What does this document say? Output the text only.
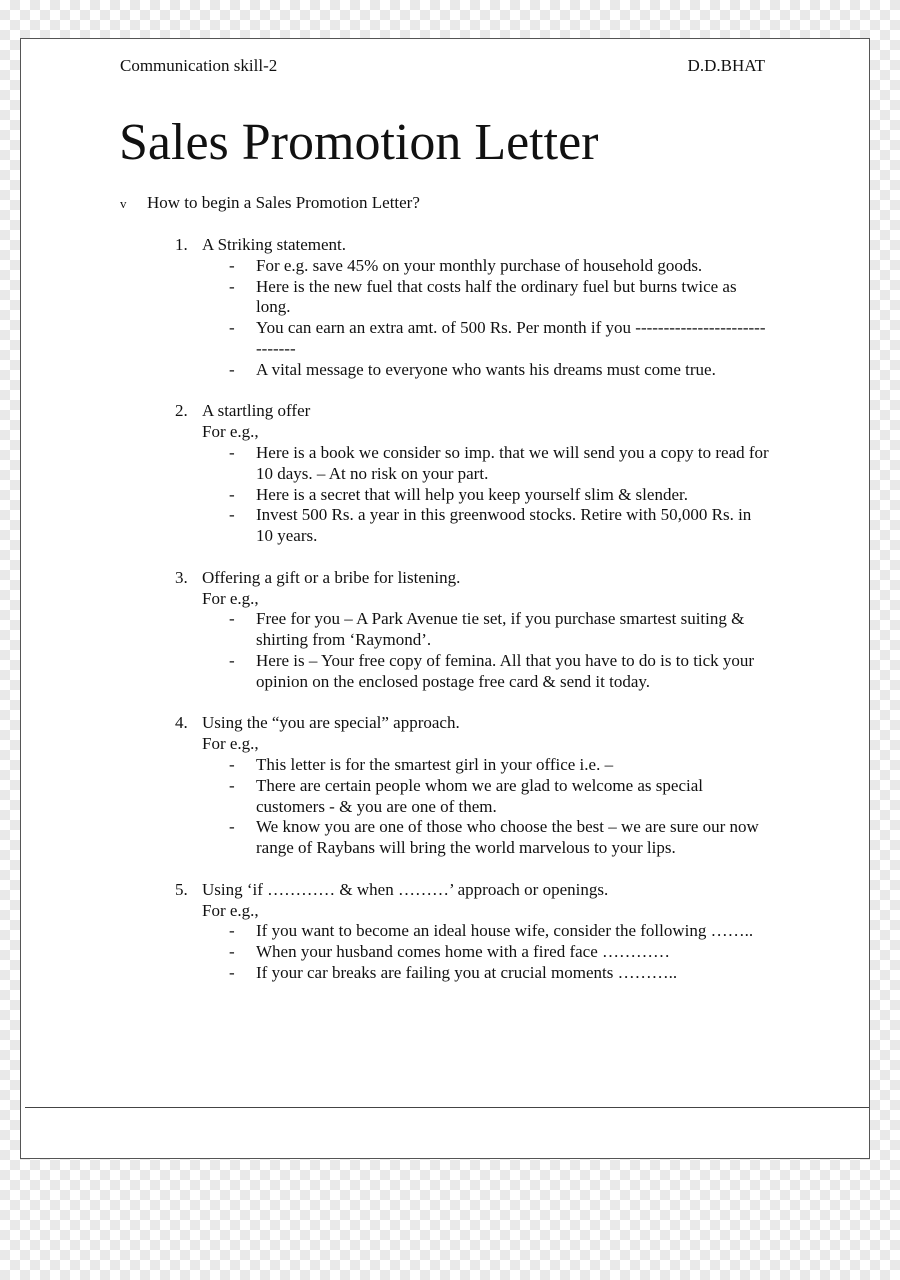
Communication skill-2	D.D.BHAT
Sales Promotion Letter
v How to begin a Sales Promotion Letter?
1. A Striking statement.
- For e.g. save 45% on your monthly purchase of household goods.
- Here is the new fuel that costs half the ordinary fuel but burns twice as long.
- You can earn an extra amt. of 500 Rs. Per month if you ------------------------------
- A vital message to everyone who wants his dreams must come true.
2. A startling offer
For e.g.,
- Here is a book we consider so imp. that we will send you a copy to read for 10 days. – At no risk on your part.
- Here is a secret that will help you keep yourself slim & slender.
- Invest 500 Rs. a year in this greenwood stocks. Retire with 50,000 Rs. in 10 years.
3. Offering a gift or a bribe for listening.
For e.g.,
- Free for you – A Park Avenue tie set, if you purchase smartest suiting & shirting from ‘Raymond’.
- Here is – Your free copy of femina. All that you have to do is to tick your opinion on the enclosed postage free card & send it today.
4. Using the “you are special” approach.
For e.g.,
- This letter is for the smartest girl in your office i.e. –
- There are certain people whom we are glad to welcome as special customers - & you are one of them.
- We know you are one of those who choose the best – we are sure our now range of Raybans will bring the world marvelous to your lips.
5. Using ‘if ………… & when ………’ approach or openings.
For e.g.,
- If you want to become an ideal house wife, consider the following ……..
- When your husband comes home with a fired face …………
- If your car breaks are failing you at crucial moments ………..
